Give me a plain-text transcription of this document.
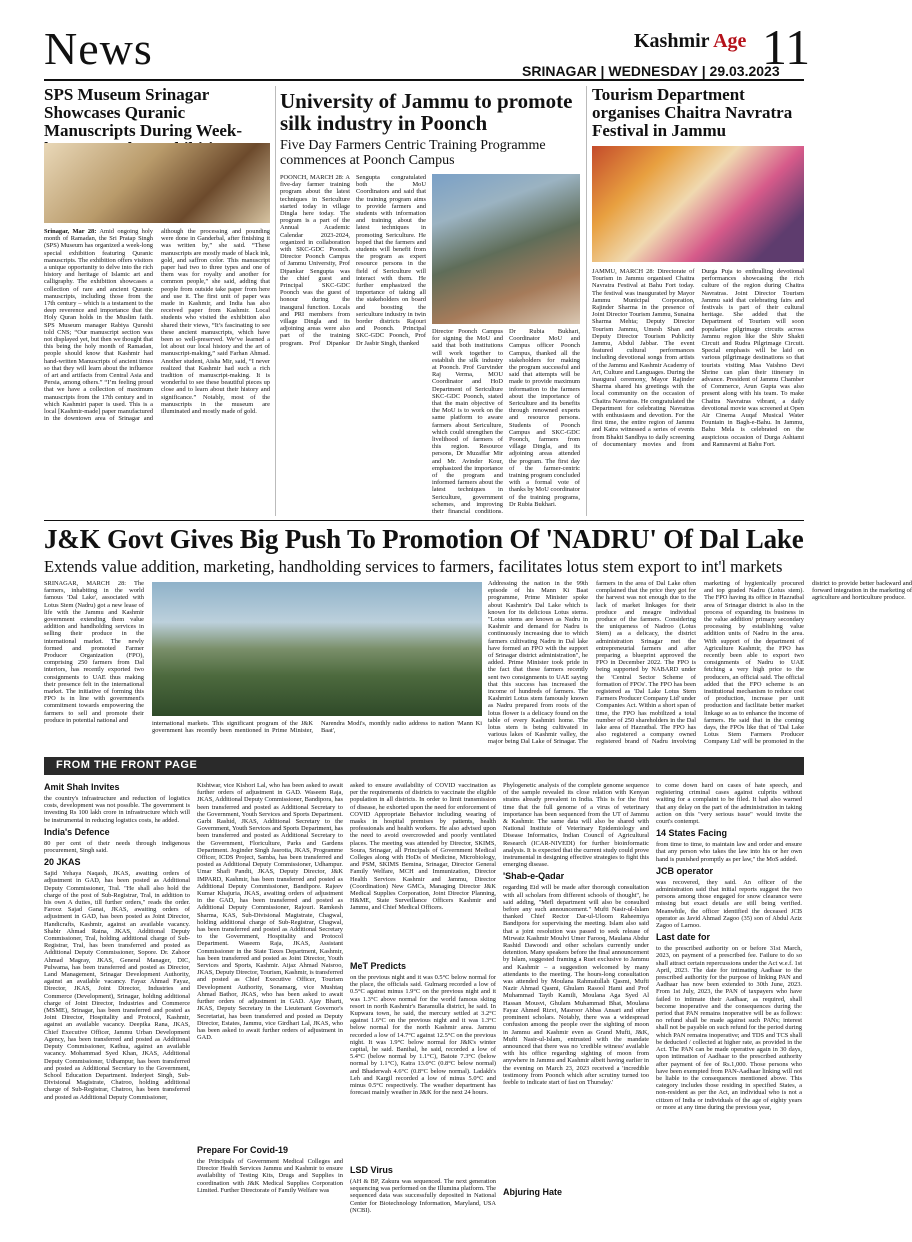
News	Kashmir Age 11
SRINAGAR | WEDNESDAY | 29.03.2023
SPS Museum Srinagar Showcases Quranic Manuscripts During Week-
Srinagar, Mar 28: Amid ongoing holy month of Ramadan, the Sri Pratap Singh (SPS) Museum has organized a week-long special exhibition featuring Quranic manuscripts. The exhibition offers visitors a unique opportunity to delve into the rich history and heritage of Islamic art and calligraphy. The exhibition showcases a collection of rare and ancient Quranic manuscripts, including those from the 17th century – which is a testament to the deep reverence and importance that the Holy Quran holds in the Muslim faith. SPS Museum manager Rabiya Qureshi told CNS; “Our manuscript section was not displayed yet, but then we thought that this being the holy month of Ramadan, people should know that Kashmir had hand-written Manuscripts of ancient times so that they will learn about the influence of art and artifacts from Central Asia and Persia, among others.” “I’m feeling proud that we have a collection of maximum manuscripts from the 17th century and in which Kashmiri paper is used. This is a local [Kashmir-made] paper manufactured in the downtown area of Srinagar and although the processing and pounding were done in Ganderbal, after finishing it was written by,” she said. “These manuscripts are mostly made of black ink, gold, and saffron color. This manuscript paper had two to three types and one of them was for royalty and another for common people,” she said, adding that people from outside take paper from here and use it. The first unit of paper was made in Kashmir, and India has also received paper from Kashmir. Local students who visited the exhibition also shared their views, “It’s fascinating to see these ancient manuscripts, which have been so well-preserved. We’ve learned a lot about our local history and the art of manuscript-making,” said Farhan Ahmad. Another student, Aisha Mir, said, “I never realized that Kashmir had such a rich tradition of manuscript-making. It is wonderful to see these beautiful pieces up close and to learn about their history and significance.” Notably, most of the manuscripts in the museum are illuminated and mostly made of gold.
University of Jammu to promote silk industry in Poonch
Five Day Farmers Centric Training Programme commences at Poonch Campus
POONCH, MARCH 28: A five-day farmer training program about the latest techniques in Sericulture started today in village Dingla here today. The program is a part of the Annual Academic Calendar 2023-2024, organized in collaboration with SKC-GDC Poonch. Director Poonch Campus of Jammu University, Prof Dipankar Sengupta was the chief guest and Principal SKC-GDC Poonch was the guest of honour during the inaugural function. Locals and PRI members from village Dingla and its adjoining areas were also part of the training program. Prof Dipankar Sengupta congratulated both the MoU Coordinators and said that the training program aims to provide farmers and students with information and training about the latest techniques in promoting Sericulture. He hoped that the farmers and students will benefit from the program as expert resource persons in the field of Sericulture will interact with them. He further emphasized the importance of taking all the stakeholders on board and boosting the sericulture industry in twin border districts Rajouri and Poonch. Principal SKC-GDC Poonch, Prof Dr Jasbir Singh, thanked
Director Poonch Campus for signing the MoU and said that both institutions will work together to establish the silk industry at Poonch. Prof Gurvinder Raj Verma, MOU Coordinator and HoD Department of Sericulture SKC-GDC Poonch, stated that the main objective of the MoU is to work on the same platform to aware farmers about Sericulture, which could strengthen the livelihood of farmers of this region. Resource persons, Dr Muzaffar Mir and Mr. Avinder Kour, emphasized the importance of the program and informed farmers about the latest techniques in Sericulture, government schemes, and improving their financial conditions. Dr Rubia Bukhari, Coordinator MoU and Campus officer Poonch Campus, thanked all the stakeholders for making the program successful and said that attempts will be made to provide maximum information to the farmers about the importance of Sericulture and its benefits through renowned experts and resource persons. Students of Poonch Campus and SKC-GDC Poonch, farmers from village Dingla, and its adjoining areas attended the program. The first day of the farmer-centric training program concluded with a formal vote of thanks by MoU coordinator of the training programs, Dr Rubia Bukhari.
Tourism Department organises Chaitra Navratra Festival in Jammu
JAMMU, MARCH 28: Directorate of Tourism in Jammu organised Chaitra Navratra Festival at Bahu Fort today. The festival was inaugurated by Mayor Jammu Municipal Corporation, Rajinder Sharma in the presence of Joint Director Tourism Jammu, Sunaina Sharma Mehta; Deputy Director Tourism Jammu, Umesh Shan and Deputy Director Tourism Publicity Jammu, Abdul Jabbar. The event featured cultural performances including devotional songs from artists of the Jammu and Kashmir Academy of Art, Culture and Languages. During the inaugural ceremony, Mayor Rajinder Sharma shared his greetings with the local community on the occasion of Chaitra Navratras. He congratulated the Department for celebrating Navratras with enthusiasm and devotion. For the first time, the entire region of Jammu and Katra witnessed a series of events from Bhakti Sandhya to daily screening of documentary movies and from Durga Puja to enthralling devotional performances showcasing the rich culture of the region during Chaitra Navratras. Joint Director Tourism Jammu said that celebrating fairs and festivals is part of their cultural heritage. She added that the Department of Tourism will soon popularise pilgrimage circuits across Jammu region like the Shiv Shakti Circuit and Rudra Pilgrimage Circuit. Special emphasis will be laid on various pilgrimage destinations so that tourists visiting Maa Vaishno Devi Shrine can plan their itinerary in advance. President of Jammu Chamber of Commerce, Arun Gupta was also present along with his team. To make Chaitra Navratras vibrant, a daily devotional movie was screened at Open Air Cinema Auqaf Musical Water Fountain in Bagh-e-Bahu. In Jammu, Bahu Mela is celebrated on the auspicious occasion of Durga Ashtami and Ramnavmi at Bahu Fort.
J&K Govt Gives Big Push To Promotion Of 'NADRU' Of Dal Lake
Extends value addition, marketing, handholding services to farmers, facilitates lotus stem export to int'l markets
SRINAGAR, MARCH 28: The farmers, inhabiting in the world famous 'Dal Lake', associated with Lotus Stem (Nadru) got a new lease of life with the Jammu and Kashmir government extending them value addition and handholding services in selling their produce in the international market. The newly formed and promoted Farmer Producer Organization (FPO), comprising 250 farmers from Dal interiors, has recently exported two consignments to UAE thus making their presence felt in the international market. The initiative of forming this FPO is in line with government's commitment towards empowering the farmers to sell and promote their produce in potential national and	international markets. This significant program of the J&K government has recently been mentioned in Prime Minister, Narendra Modi's, monthly radio address to nation 'Mann Ki Baat',
Addressing the nation in the 99th episode of his Mann Ki Baat programme, Prime Minister spoke about Kashmir's Dal Lake which is known for its delicious Lotus stems. "Lotus stems are known as Nadru in Kashmir and demand for Nadru is continuously increasing due to which farmers cultivating Nadru in Dal lake have formed an FPO with the support of Srinagar district administration", he added. Prime Minister took pride in the fact that these farmers recently sent two consignments to UAE saying that this success has increased the income of hundreds of farmers. The Kashmiri Lotus stem famously known as Nadru prepared from roots of the lotus flower is a delicacy found on the table of every Kashmiri home. The lotus stem is being cultivated in various lakes of Kashmir valley, the major being Dal Lake of Srinagar. The farmers in the area of Dal Lake often complained that the price they got for the harvest was not enough due to the lack of market linkages for their produce and meagre individual produce of the farmers. Considering the uniqueness of Nadroo (Lotus Stem) as a delicacy, the district administration Srinagar met the entrepreneurial farmers and after preparing a blueprint approved the FPO in December 2022. The FPO is being supported by NABARD under the 'Central Sector Scheme of formation of FPOs'. The FPO has been registered as 'Dal Lake Lotus Stem Farmers Producer Company Ltd' under Companies Act. Within a short span of time, the FPO has mobilized a total number of 250 shareholders in the Dal lake area of Hazratbal. The FPO has also registered a company owned registered brand of Nadru involving marketing of hygienically procured and top graded Nadru (Lotus stem). The FPO having its office in Hazratbal area of Srinagar district is also in the process of expanding its business in the value addition/ primary secondary processing by establishing value addition units of Nadru in the area. With support of the department of Agriculture Kashmir, the FPO has recently been able to export two consignments of Nadru to UAE fetching a very high price to the producers, an official said. The official added that the FPO scheme is an institutional mechanism to reduce cost of production, increase per unit production and facilitate better market linkage so as to enhance the income of farmers. He said that in the coming days, the FPOs like that of 'Dal Lake Lotus Stem Farmers Producer Company Ltd' will be promoted in the district to provide better backward and forward integration in the marketing of agriculture and horticulture produce.
FROM THE FRONT PAGE
Amit Shah Invites
the country's infrastructure and reduction of logistics costs, development was not possible. The government is investing Rs 100 lakh crore in infrastructure which will be instrumental in reducing logistics costs, he added.
India's Defence
80 per cent of their needs through indigenous procurement, Singh said.
20 JKAS
Sajid Yehaya Naqash, JKAS, awaiting orders of adjustment in GAD, has been posted as Additional Deputy Commissioner, Tral. "He shall also hold the charge of the post of Sub-Registrar, Tral, in addition to his own A duties, till further orders," reads the order. Farooz Sajad Ganai, JKAS, awaiting orders of adjustment in GAD, has been posted as Joint Director, Handicrafts, Kashmir, against an available vacancy. Shabir Ahmad Raina, JKAS, Additional Deputy Commissioner, Tral, holding additional charge of Sub-Registrar, Tral, has been transferred and posted as Additional Deputy Commissioner, Sopore. Dr. Zahoor Ahmad Magray, JKAS, General Manager, DIC, Pulwama, has been transferred and posted as Director, Land Management, Srinagar Development Authority, against an available vacancy. Fayaz Ahmad Fayaz, Director, JKAS, Joint Director, Industries and Commerce (Development), Srinagar, holding additional charge of Joint Director, Industries and Commerce (MSME), Srinagar, has been transferred and posted as Joint Director, Hospitality and Protocol, Kashmir, against an available vacancy. Deepika Rana, JKAS, Chief Executive Officer, Jammu Urban Development Agency, has been transferred and posted as Additional Deputy Commissioner, Kathua, against an available vacancy. Mohammad Syed Khan, JKAS, Additional Deputy Commissioner, Udhampur, has been transferred and posted as Additional Secretary to the Government, School Education Department. Inderjeet Singh, Sub-Divisional Magistrate, Chatroo, holding additional charge of Sub-Registrar, Chatroo, has been transferred and posted as Additional Deputy Commissioner,
Kishtwar, vice Kishori Lal, who has been asked to await further orders of adjustment in GAD. Waseem Raja, JKAS, Additional Deputy Commissioner, Bandipora, has been transferred and posted as Additional Secretary to the Government, Youth Services and Sports Department. Garbi Rashid, JKAS, Additional Secretary to the Government, Youth Services and Sports Department, has been transferred and posted as Additional Secretary to the Government, Floriculture, Parks and Gardens Department. Joginder Singh Jasrotia, JKAS, Programme Officer, ICDS Project, Samba, has been transferred and posted as Additional Deputy Commissioner, Udhampur. Umar Shafi Pandit, JKAS, Deputy Director, J&K IMPARD, Kashmir, has been transferred and posted as Additional Deputy Commissioner, Bandipore. Rajeev Kumar Khajuria, JKAS, awaiting orders of adjustment in the GAD, has been transferred and posted as Additional Deputy Commissioner, Rajouri. Ramkesh Sharma, KAS, Sub-Divisional Magistrate, Chagwal, holding additional charge of Sub-Registrar, Chagwal, has been transferred and posted as Additional Secretary to the Government, Hospitality and Protocol Department. Waseem Raja, JKAS, Assistant Commissioner in the State Taxes Department, Kashmir, has been transferred and posted as Joint Director, Youth Services and Sports, Kashmir. Aijaz Ahmad Naisroo, JKAS, Deputy Director, Tourism, Kashmir, is transferred and posted as Chief Executive Officer, Tourism Development Authority, Sonamarg, vice Mushtaq Ahmad Bathor, JKAS, who has been asked to await further orders of adjustment in GAD. Ajay Bharti, JKAS, Deputy Secretary in the Lieutenant Governor's Secretariat, has been transferred and posted as Deputy Director, Estates, Jammu, vice Girdhari Lal, JKAS, who has been asked to await further orders of adjustment in GAD.
Prepare For Covid-19
the Principals of Government Medical Colleges and Director Health Services Jammu and Kashmir to ensure availability of Testing Kits, Drugs and Supplies in coordination with J&K Medical Supplies Corporation Limited. Further Directorate of Family Welfare was
asked to ensure availability of COVID vaccination as per the requirements of districts to vaccinate the eligible population in all districts. In order to limit transmission of disease, he exhorted upon the need for enforcement of COVID Appropriate Behavior including wearing of masks in hospital premises by patients, health professionals and health workers. He also advised upon the need to avoid overcrowded and poorly ventilated places. The meeting was attended by Director, SKIMS, Soura, Srinagar, all Principals of Government Medical Colleges along with HoDs of Medicine, Microbiology, and PSM, SKIMS Bemina, Srinagar, Director General Family Welfare, MCH and Immunization, Director Health Services Kashmir and Jammu, Director (Coordination) New GMCs, Managing Director J&K Medical Supplies Corporation, Joint Director Planning, H&ME, State Surveillance Officers Kashmir and Jammu, and Chief Medical Officers.
MeT Predicts
on the previous night and it was 0.5°C below normal for the place, the officials said. Gulmarg recorded a low of 0.5°C against minus 1.9°C on the previous night and it was 1.3°C above normal for the world famous skiing resort in north Kashmir's Baramulla district, he said. In Kupwara town, he said, the mercury settled at 3.2°C against 1.6°C on the previous night and it was 1.3°C below normal for the north Kashmir area. Jammu recorded a low of 14.7°C against 12.5°C on the previous night. It was 1.9°C below normal for J&K's winter capital, he said. Banihal, he said, recorded a low of 5.4°C (below normal by 1.1°C), Batote 7.3°C (below normal by 1.1°C), Katra 13.0°C (0.8°C below normal) and Bhaderwah 4.6°C (0.8°C below normal). Ladakh's Leh and Kargil recorded a low of minus 5.0°C and minus 0.5°C respectively. The weather department has forecast mainly weather in J&K for the next 24 hours.
LSD Virus
(AH & BP, Zakura was sequenced. The next generation sequencing was performed on the Illumina platform. The sequenced data was successfully deposited in National Center for Biotechnology Information, Maryland, USA (NCBI).
Phylogenetic analysis of the complete genome sequence of the sample revealed its close relation with Kenyan strains already prevalent in India. This is for the first time that the full genome of a virus of veterinary importance has been sequenced from the UT of Jammu & Kashmir. The same data will also be shared with National Institute of Veterinary Epidemiology and Disease Informatics, Indian Council of Agricultural Research (ICAR-NIVEDI) for further bioinformatic analysis. It is expected that the current study could prove instrumental in designing effective strategies to fight this emerging disease.
'Shab-e-Qadar
regarding Eid will be made after thorough consultation with all scholars from different schools of thought", he said adding, "Mefl department will also be consulted before any such announcement." Mufti Nasir-ul-Islam thanked Chief Rector Dar-ul-Uloom Raheemiya Bandipora for supervising the meeting. Islam also said that a joint resolution was passed to seek release of Mirwaiz Kashmir Moulvi Umer Farooq, Maulana Abdur Rashid Dawoodi and other scholars currently under detention. Many speakers before the final announcement by Islam, suggested framing a Ruet exclusive to Jammu and Kashmir – a suggestion welcomed by many attendants to the meeting. The hours-long consultation was attended by Moulana Rahmatullah Qasmi, Mufti Nazir Ahmad Qasmi, Ghulam Rasool Hami and Prof Muhammad Tayib Kamili, Moulana Aga Syed Al Hassan Mousvi, Ghulam Muhammad Bhat, Moulana Fayaz Ahmed Rizvi, Masroor Abbas Ansari and other prominent scholars. Notably, there was a widespread confusion among the people over the sighting of moon in Jammu and Kashmir even as Grand Mufti, J&K, Mufti Nasir-ul-Islam, entrusted with the mandate announced that there was no 'credible witness' available with his office regarding sighting of moon from anywhere in Jammu and Kashmir albeit having earlier in the evening on March 23, 2023 received a 'incredible testimony from Poonch which after scrutiny turned too feeble to indicate start of fast on Thursday.'
Abjuring Hate
to come down hard on cases of hate speech, and registering criminal cases against culprits without waiting for a complaint to be filed. It had also warned that any delay on the part of the administration in taking action on this "very serious issue" would invite the court's contempt.
14 States Facing
from time to time, to maintain law and order and ensure that any person who takes the law into his or her own hand is punished promptly as per law," the MoS added.
JCB operator
was recovered, they said. An officer of the administration said that initial reports suggest the two persons among those engaged for snow clearance were missing but exact details are still being verified. Meanwhile, the officer identified the deceased JCB operator as Javid Ahmad Zagoo (35) son of Abdul Aziz Zagoo of Larnoo.
Last date for
to the prescribed authority on or before 31st March, 2023, on payment of a prescribed fee. Failure to do so shall attract certain repercussions under the Act w.e.f. 1st April, 2023. The date for intimating Aadhaar to the prescribed authority for the purpose of linking PAN and Aadhaar has now been extended to 30th June, 2023. From 1st July, 2023, the PAN of taxpayers who have failed to intimate their Aadhaar, as required, shall become inoperative and the consequences during the period that PAN remains inoperative will be as follows: no refund shall be made against such PANs; interest shall not be payable on such refund for the period during which PAN remains inoperative; and TDS and TCS shall be deducted / collected at higher rate, as provided in the Act. The PAN can be made operative again in 30 days, upon intimation of Aadhaar to the prescribed authority after payment of fee of Rs.1,000. Those persons who have been exempted from PAN-Aadhaar linking will not be liable to the consequences mentioned above. This category includes those residing in specified States, a non-resident as per the Act, an individual who is not a citizen of India or individuals of the age of eighty years or more at any time during the previous year,
